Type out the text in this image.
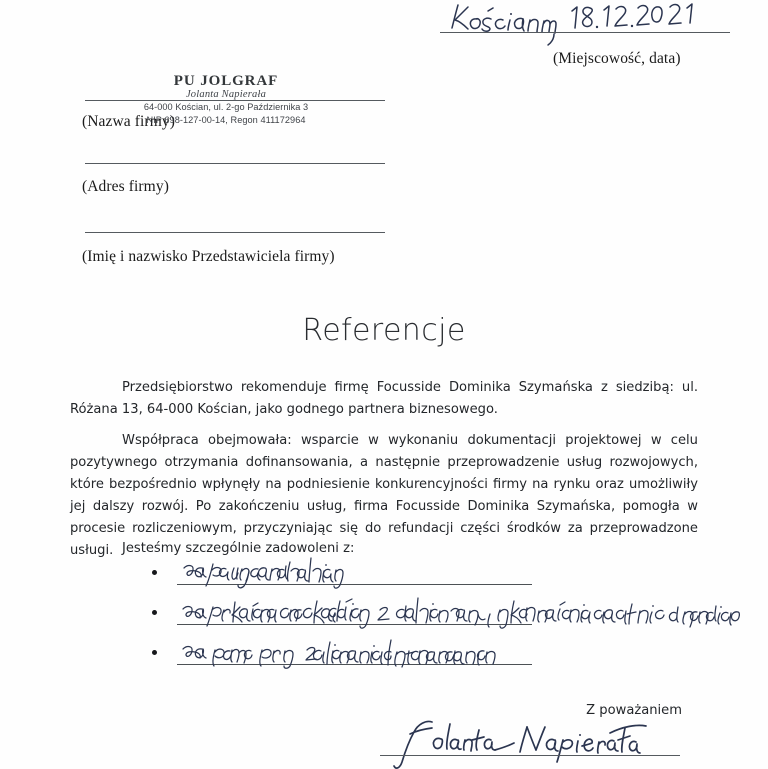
(Miejscowość, data)
(Nazwa firmy)
PU JOLGRAF
Jolanta Napierała
64-000 Kościan, ul. 2-go Października 3
NIP 698-127-00-14, Regon 411172964
(Adres firmy)
(Imię i nazwisko Przedstawiciela firmy)
Referencje

Przedsiębiorstwo rekomenduje firmę Focusside Dominika Szymańska z siedzibą: ul. Różana 13, 64-000 Kościan, jako godnego partnera biznesowego.

Współpraca obejmowała: wsparcie w wykonaniu dokumentacji projektowej w celu pozytywnego otrzymania dofinansowania, a następnie przeprowadzenie usług rozwojowych, które bezpośrednio wpłynęły na podniesienie konkurencyjności firmy na rynku oraz umożliwiły jej dalszy rozwój. Po zakończeniu usług, firma Focusside Dominika Szymańska, pomogła w procesie rozliczeniowym, przyczyniając się do refundacji części środków za przeprowadzone usługi. Jesteśmy szczególnie zadowoleni z:

Z poważaniem
